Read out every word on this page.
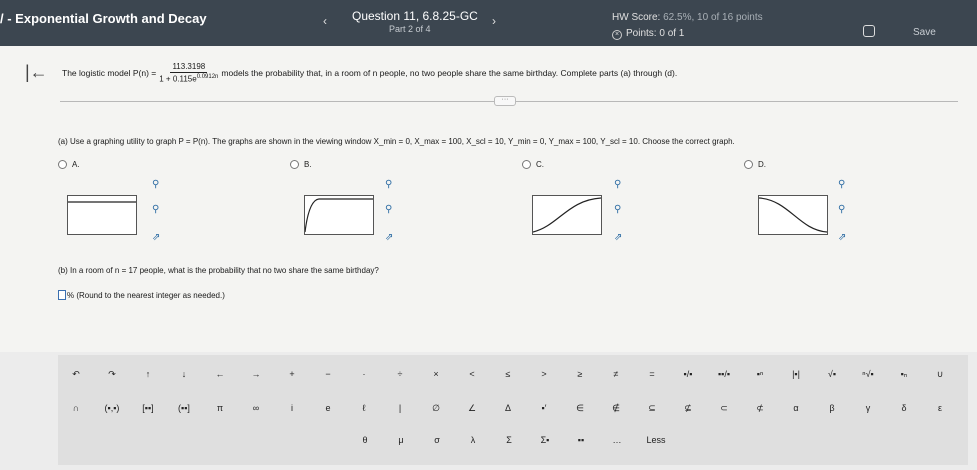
/ - Exponential Growth and Decay	‹ Question 11, 6.8.25-GC
Part 2 of 4
›	HW Score: 62.5%, 10 of 16 points
× Points: 0 of 1	Save
|← The logistic model $P(n) = \frac{113.3198}{1 + 0.115e^{0.0912n}}$ models the probability that, in a room of n people, no two people share the same birthday. Complete parts (a) through (d).
···
(a) Use a graphing utility to graph P = P(n). The graphs are shown in the viewing window X_min = 0, X_max = 100, X_scl = 10, Y_min = 0, Y_max = 100, Y_scl = 10. Choose the correct graph.
A.	B.	C.	D.
⚲
⚲
⇗
⚲
⚲
⇗
⚲
⚲
⇗
⚲
⚲
⇗
(b) In a room of n = 17 people, what is the probability that no two share the same birthday?
% (Round to the nearest integer as needed.)
↶	↷	↑	↓	←	→	+	−	·	÷	×	<	≤	>	≥	≠	=	▪/▪	▪▪/▪	▪ⁿ	|▪|	√▪	ⁿ√▪	▪ₙ	∪
∩	(▪,▪)	[▪▪]	(▪▪]	π	∞	i	e	ℓ	|	∅	∠	Δ	▪′	∈	∉	⊆	⊈	⊂	⊄	α	β	γ	δ	ε
θ	μ	σ	λ	Σ	Σ▪	▪▪	…	Less
